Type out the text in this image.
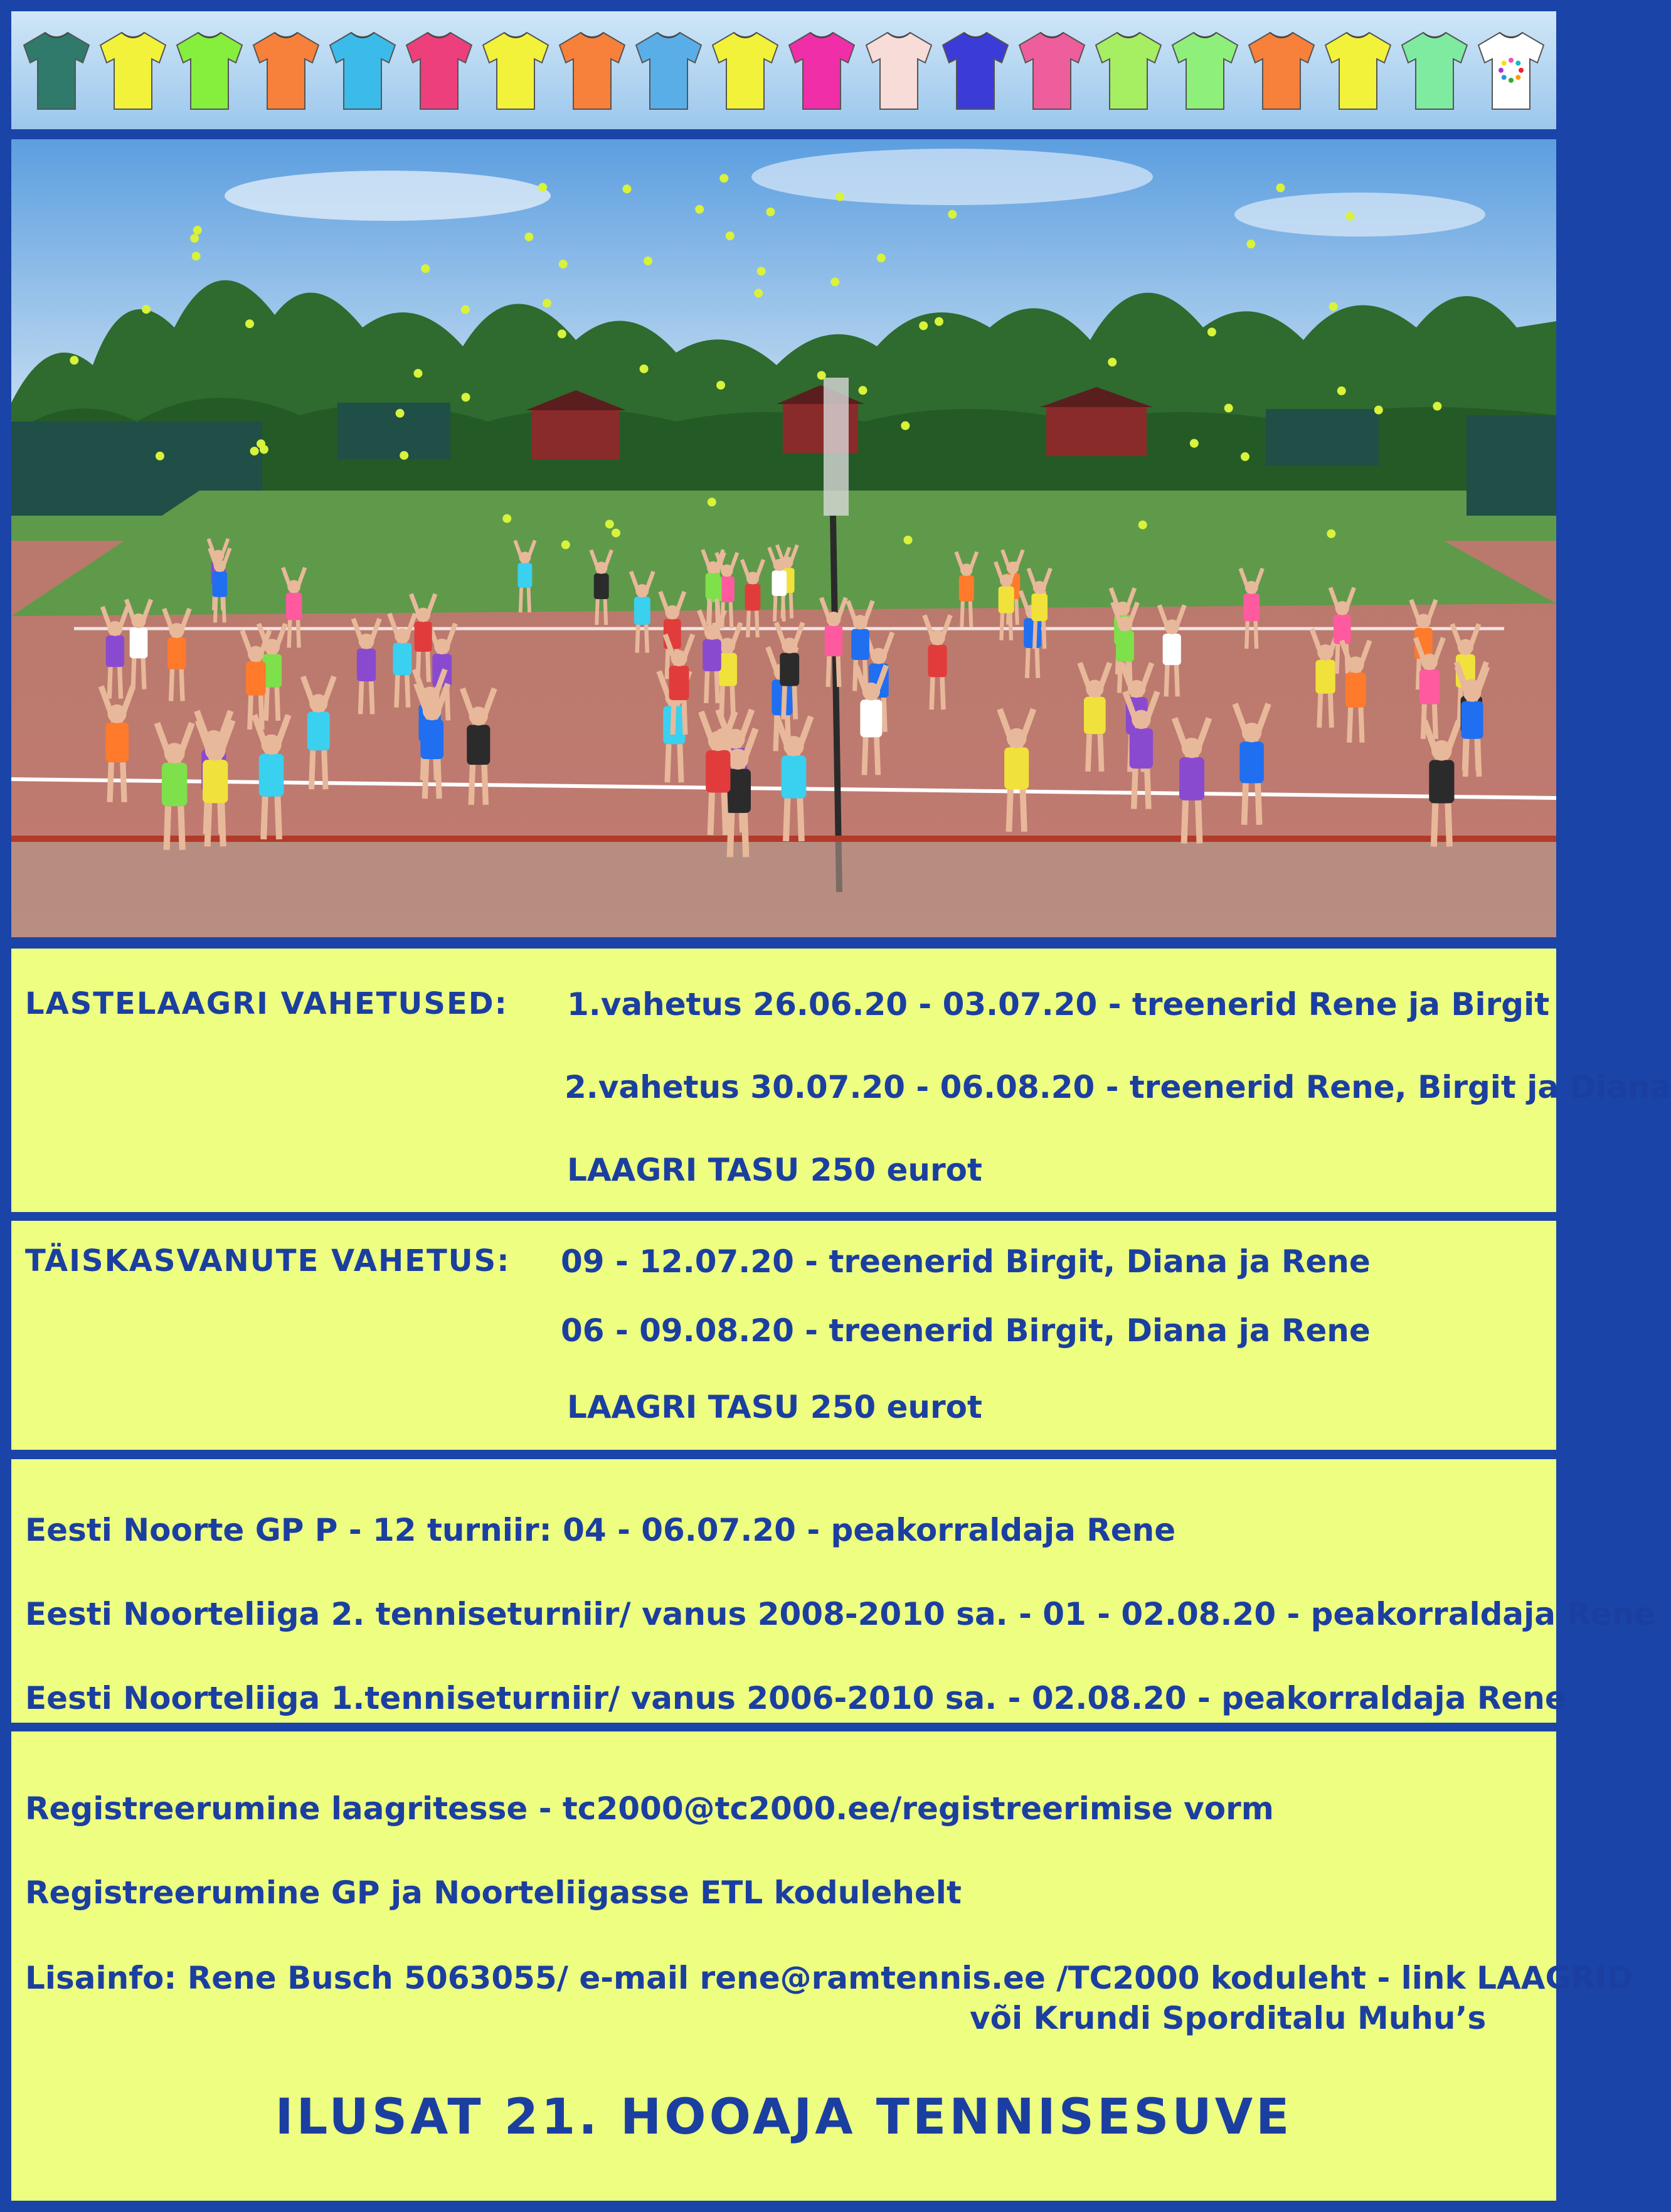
LASTELAAGRI VAHETUSED: 1.vahetus 26.06.20 - 03.07.20 - treenerid Rene ja Birgit
2.vahetus 30.07.20 - 06.08.20 - treenerid Rene, Birgit ja Diana
LAAGRI TASU 250 eurot
TÄISKASVANUTE VAHETUS: 09 - 12.07.20 - treenerid Birgit, Diana ja Rene
06 - 09.08.20 - treenerid Birgit, Diana ja Rene
LAAGRI TASU 250 eurot
Eesti Noorte GP P - 12 turniir: 04 - 06.07.20 - peakorraldaja Rene
Eesti Noorteliiga 2. tenniseturniir/ vanus 2008-2010 sa. - 01 - 02.08.20 - peakorraldaja Rene
Eesti Noorteliiga 1.tenniseturniir/ vanus 2006-2010 sa. - 02.08.20 - peakorraldaja Rene
Registreerumine laagritesse - tc2000@tc2000.ee/registreerimise vorm
Registreerumine GP ja Noorteliigasse ETL kodulehelt
Lisainfo: Rene Busch 5063055/ e-mail rene@ramtennis.ee /TC2000 koduleht - link LAAGRID
või Krundi Sporditalu Muhu’s
ILUSAT 21. HOOAJA TENNISESUVE
